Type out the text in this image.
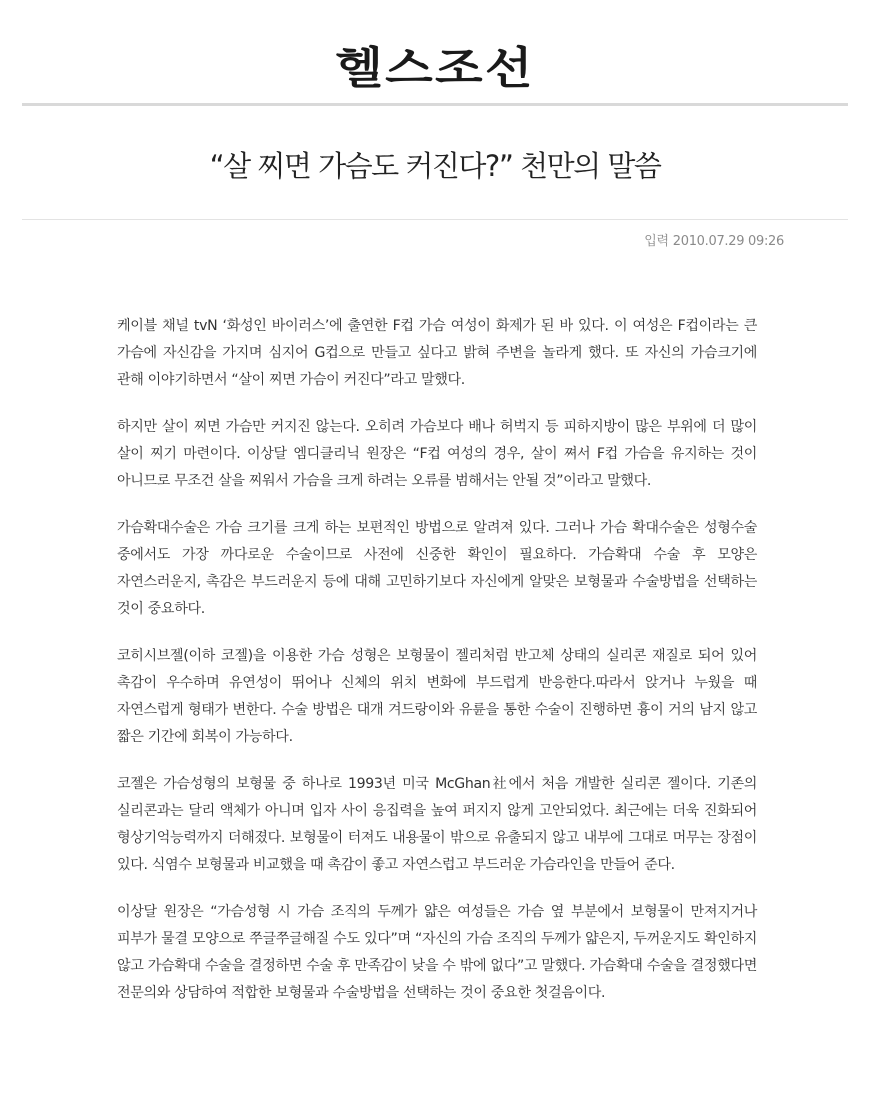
헬스조선
“살 찌면 가슴도 커진다?” 천만의 말씀
입력 2010.07.29 09:26

케이블 채널 tvN ‘화성인 바이러스’에 출연한 F컵 가슴 여성이 화제가 된 바 있다. 이 여성은 F컵이라는 큰 가슴에 자신감을 가지며 심지어 G컵으로 만들고 싶다고 밝혀 주변을 놀라게 했다. 또 자신의 가슴크기에 관해 이야기하면서 “살이 찌면 가슴이 커진다”라고 말했다.

하지만 살이 찌면 가슴만 커지진 않는다. 오히려 가슴보다 배나 허벅지 등 피하지방이 많은 부위에 더 많이 살이 찌기 마련이다. 이상달 엠디클리닉 원장은 “F컵 여성의 경우, 살이 쪄서 F컵 가슴을 유지하는 것이 아니므로 무조건 살을 찌워서 가슴을 크게 하려는 오류를 범해서는 안될 것”이라고 말했다.

가슴확대수술은 가슴 크기를 크게 하는 보편적인 방법으로 알려져 있다. 그러나 가슴 확대수술은 성형수술 중에서도 가장 까다로운 수술이므로 사전에 신중한 확인이 필요하다. 가슴확대 수술 후 모양은 자연스러운지, 촉감은 부드러운지 등에 대해 고민하기보다 자신에게 알맞은 보형물과 수술방법을 선택하는 것이 중요하다.

코히시브젤(이하 코젤)을 이용한 가슴 성형은 보형물이 젤리처럼 반고체 상태의 실리콘 재질로 되어 있어 촉감이 우수하며 유연성이 뛰어나 신체의 위치 변화에 부드럽게 반응한다.따라서 앉거나 누웠을 때 자연스럽게 형태가 변한다. 수술 방법은 대개 겨드랑이와 유륜을 통한 수술이 진행하면 흉이 거의 남지 않고 짧은 기간에 회복이 가능하다.

코젤은 가슴성형의 보형물 중 하나로 1993년 미국 McGhan社에서 처음 개발한 실리콘 젤이다. 기존의 실리콘과는 달리 액체가 아니며 입자 사이 응집력을 높여 퍼지지 않게 고안되었다. 최근에는 더욱 진화되어 형상기억능력까지 더해졌다. 보형물이 터져도 내용물이 밖으로 유출되지 않고 내부에 그대로 머무는 장점이 있다. 식염수 보형물과 비교했을 때 촉감이 좋고 자연스럽고 부드러운 가슴라인을 만들어 준다.

이상달 원장은 “가슴성형 시 가슴 조직의 두께가 얇은 여성들은 가슴 옆 부분에서 보형물이 만져지거나 피부가 물결 모양으로 쭈글쭈글해질 수도 있다”며 “자신의 가슴 조직의 두께가 얇은지, 두꺼운지도 확인하지 않고 가슴확대 수술을 결정하면 수술 후 만족감이 낮을 수 밖에 없다”고 말했다. 가슴확대 수술을 결정했다면 전문의와 상담하여 적합한 보형물과 수술방법을 선택하는 것이 중요한 첫걸음이다.
